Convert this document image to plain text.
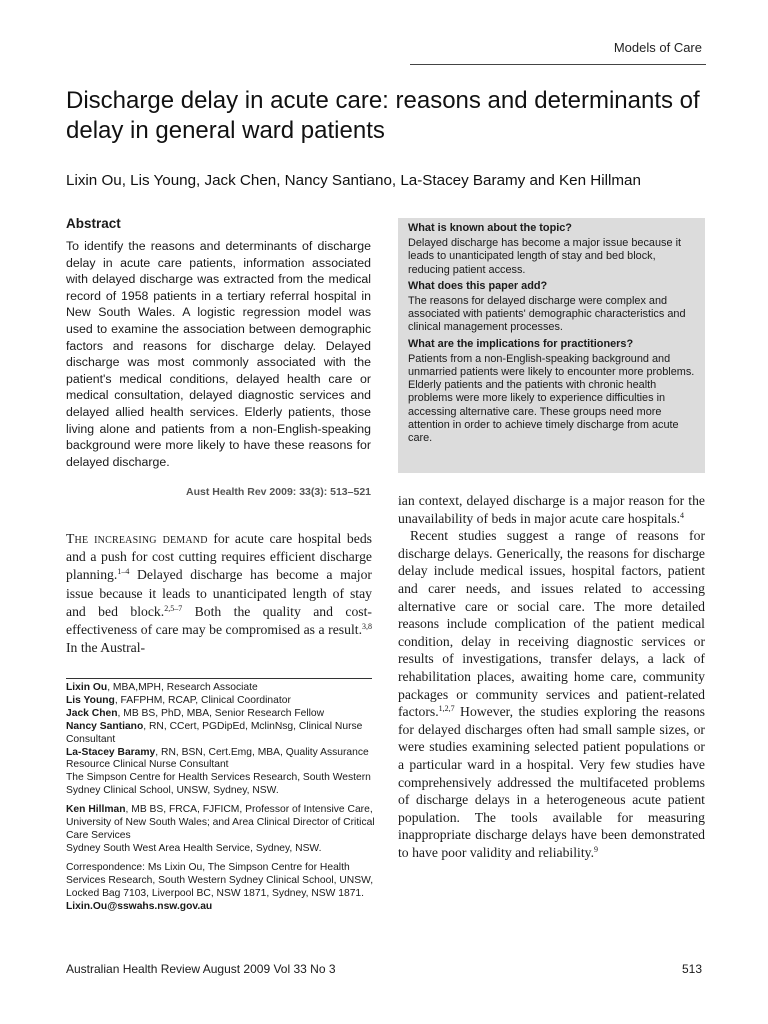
Models of Care
Discharge delay in acute care: reasons and determinants of delay in general ward patients
Lixin Ou, Lis Young, Jack Chen, Nancy Santiano, La-Stacey Baramy and Ken Hillman
Abstract
To identify the reasons and determinants of discharge delay in acute care patients, information associated with delayed discharge was extracted from the medical record of 1958 patients in a tertiary referral hospital in New South Wales. A logistic regression model was used to examine the association between demographic factors and reasons for discharge delay. Delayed discharge was most commonly associated with the patient's medical conditions, delayed health care or medical consultation, delayed diagnostic services and delayed allied health services. Elderly patients, those living alone and patients from a non-English-speaking background were more likely to have these reasons for delayed discharge.
Aust Health Rev 2009: 33(3): 513–521
The increasing demand for acute care hospital beds and a push for cost cutting requires efficient discharge planning.$^{1-4}$ Delayed discharge has become a major issue because it leads to unanticipated length of stay and bed block.$^{2,5-7}$ Both the quality and cost-effectiveness of care may be compromised as a result.$^{3,8}$ In the Austral-

Lixin Ou, MBA,MPH, Research Associate
Lis Young, FAFPHM, RCAP, Clinical Coordinator
Jack Chen, MB BS, PhD, MBA, Senior Research Fellow
Nancy Santiano, RN, CCert, PGDipEd, MclinNsg, Clinical Nurse Consultant
La-Stacey Baramy, RN, BSN, Cert.Emg, MBA, Quality Assurance Resource Clinical Nurse Consultant
The Simpson Centre for Health Services Research, South Western Sydney Clinical School, UNSW, Sydney, NSW.

Ken Hillman, MB BS, FRCA, FJFICM, Professor of Intensive Care, University of New South Wales; and Area Clinical Director of Critical Care Services
Sydney South West Area Health Service, Sydney, NSW.

Correspondence: Ms Lixin Ou, The Simpson Centre for Health Services Research, South Western Sydney Clinical School, UNSW, Locked Bag 7103, Liverpool BC, NSW 1871, Sydney, NSW 1871. Lixin.Ou@sswahs.nsw.gov.au

What is known about the topic?

Delayed discharge has become a major issue because it leads to unanticipated length of stay and bed block, reducing patient access.

What does this paper add?

The reasons for delayed discharge were complex and associated with patients' demographic characteristics and clinical management processes.

What are the implications for practitioners?

Patients from a non-English-speaking background and unmarried patients were likely to encounter more problems. Elderly patients and the patients with chronic health problems were more likely to experience difficulties in accessing alternative care. These groups need more attention in order to achieve timely discharge from acute care.

ian context, delayed discharge is a major reason for the unavailability of beds in major acute care hospitals.$^4$

Recent studies suggest a range of reasons for discharge delays. Generically, the reasons for discharge delay include medical issues, hospital factors, patient and carer needs, and issues related to accessing alternative care or social care. The more detailed reasons include complication of the patient medical condition, delay in receiving diagnostic services or results of investigations, transfer delays, a lack of rehabilitation places, awaiting home care, community packages or community services and patient-related factors.$^{1,2,7}$ However, the studies exploring the reasons for delayed discharges often had small sample sizes, or were studies examining selected patient populations or a particular ward in a hospital. Very few studies have comprehensively addressed the multifaceted problems of discharge delays in a heterogeneous acute patient population. The tools available for measuring inappropriate discharge delays have been demonstrated to have poor validity and reliability.$^9$

Australian Health Review August 2009 Vol 33 No 3	513
